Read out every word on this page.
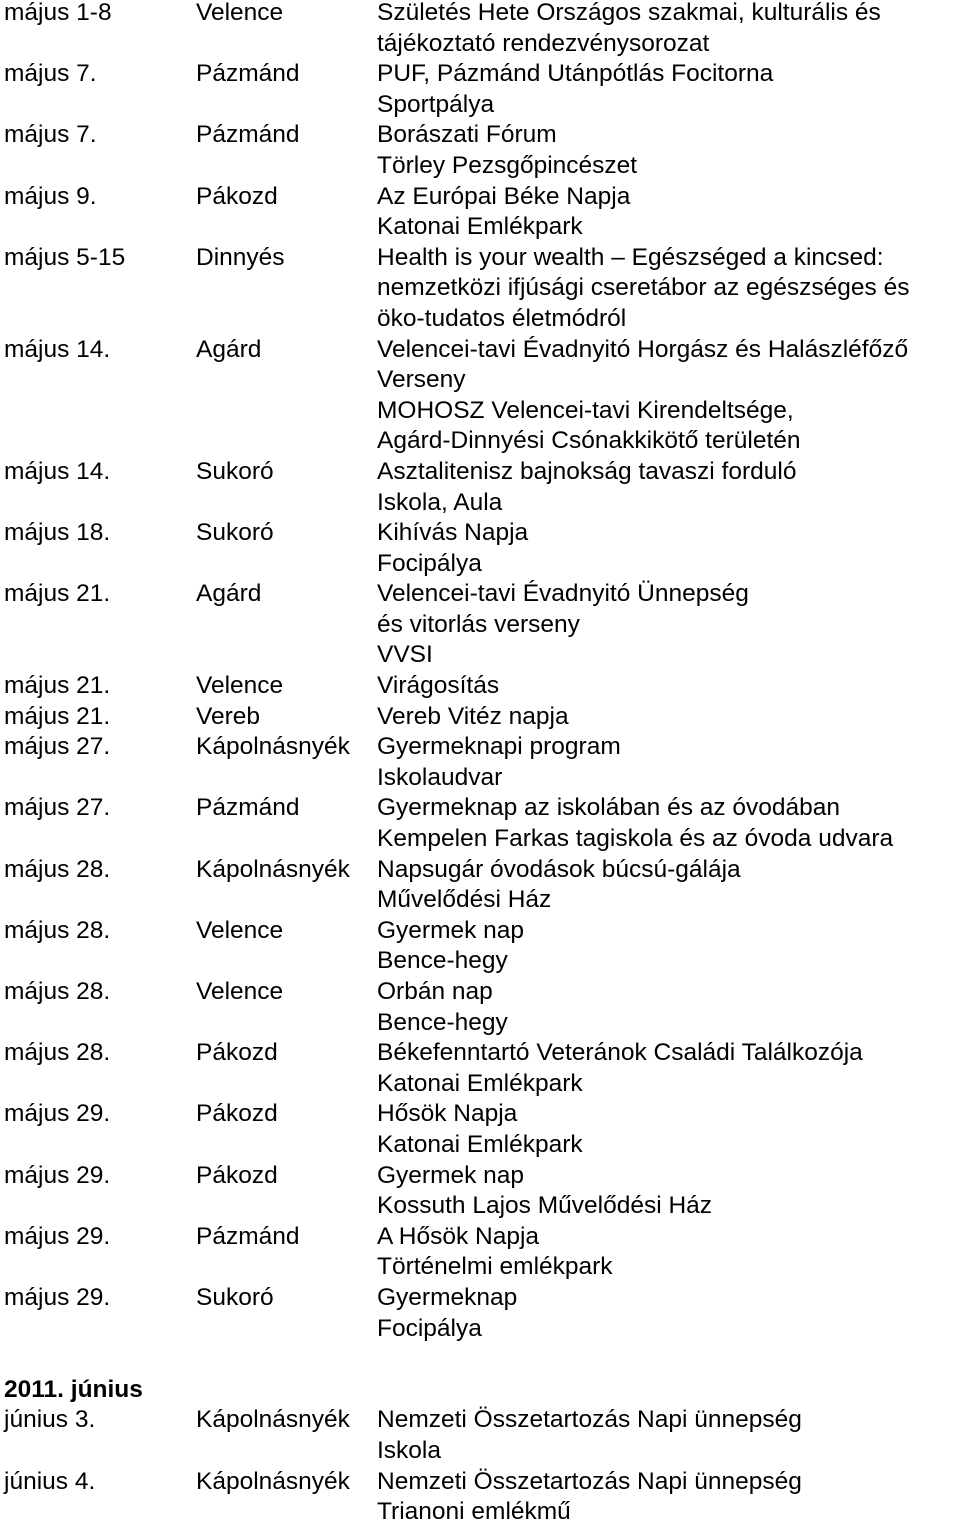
május 1-8	Velence	Születés Hete Országos szakmai, kulturális és
tájékoztató rendezvénysorozat
május 7.	Pázmánd	PUF, Pázmánd Utánpótlás Focitorna
Sportpálya
május 7.	Pázmánd	Borászati Fórum
Törley Pezsgőpincészet
május 9.	Pákozd	Az Európai Béke Napja
Katonai Emlékpark
május 5-15	Dinnyés	Health is your wealth – Egészséged a kincsed:
nemzetközi ifjúsági cseretábor az egészséges és
öko-tudatos életmódról
május 14.	Agárd	Velencei-tavi Évadnyitó Horgász és Halászléfőző
Verseny
MOHOSZ Velencei-tavi Kirendeltsége,
Agárd-Dinnyési Csónakkikötő területén
május 14.	Sukoró	Asztalitenisz bajnokság tavaszi forduló
Iskola, Aula
május 18.	Sukoró	Kihívás Napja
Focipálya
május 21.	Agárd	Velencei-tavi Évadnyitó Ünnepség
és vitorlás verseny
VVSI
május 21.	Velence	Virágosítás
május 21.	Vereb	Vereb Vitéz napja
május 27.	Kápolnásnyék Gyermeknapi program
Iskolaudvar
május 27.	Pázmánd	Gyermeknap az iskolában és az óvodában
Kempelen Farkas tagiskola és az óvoda udvara
május 28.	Kápolnásnyék Napsugár óvodások búcsú-gálája
Művelődési Ház
május 28.	Velence	Gyermek nap
Bence-hegy
május 28.	Velence	Orbán nap
Bence-hegy
május 28.	Pákozd	Békefenntartó Veteránok Családi Találkozója
Katonai Emlékpark
május 29.	Pákozd	Hősök Napja
Katonai Emlékpark
május 29.	Pákozd	Gyermek nap
Kossuth Lajos Művelődési Ház
május 29.	Pázmánd	A Hősök Napja
Történelmi emlékpark
május 29.	Sukoró	Gyermeknap
Focipálya
2011. június
június 3.	Kápolnásnyék Nemzeti Összetartozás Napi ünnepség
Iskola
június 4.	Kápolnásnyék Nemzeti Összetartozás Napi ünnepség
Trianoni emlékmű
